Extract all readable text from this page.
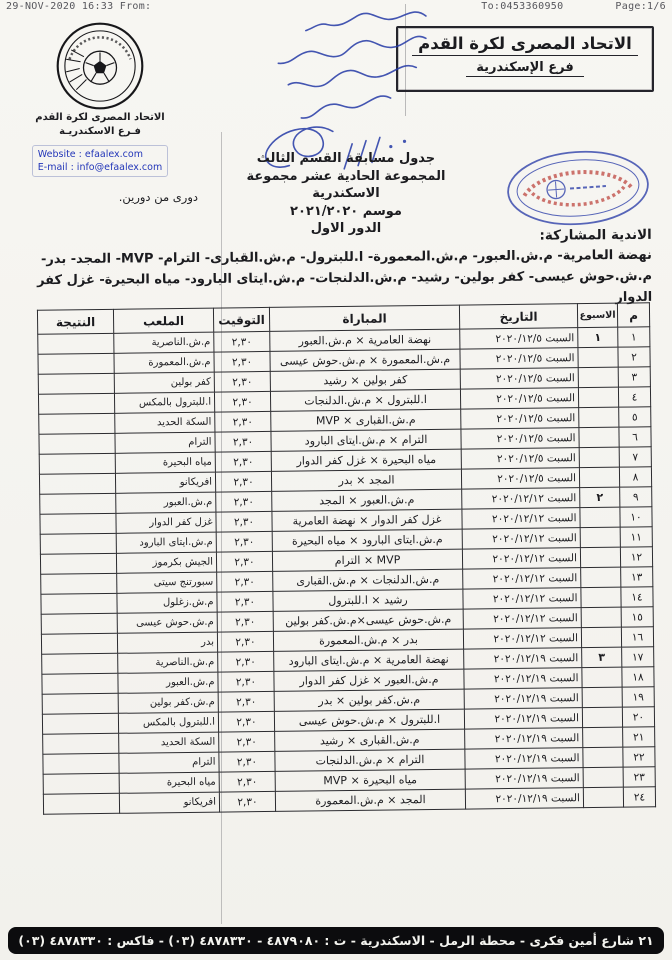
29-NOV-2020 16:33 From:	To:0453360950	Page:1/6
الاتحاد المصرى لكرة القدم
فـرع الاسكندريـة
Website : efaalex.com
E-mail : info@efaalex.com
دورى من دورين.
الاتحاد المصرى لكرة القدم
فرع الإسكندرية
جدول مسابقة القسم الثالث
المجموعة الحادية عشر مجموعة الاسكندرية
موسم ٢٠٢١/٢٠٢٠
الدور الاول	الاندية المشاركة:
نهضة العامرية- م.ش.العبور- م.ش.المعمورة- ا.للبترول- م.ش.القبارى- الترام- MVP- المجد- بدر-
م.ش.حوش عيسى- كفر بولين- رشيد- م.ش.الدلنجات- م.ش.ايتاى البارود- مياه البحيرة- غزل كفر الدوار
م	الاسبوع	التاريخ	المباراة	التوقيت	الملعب	النتيجة
١	١	السبت ٢٠٢٠/١٢/٥	نهضة العامرية × م.ش.العبور	٢,٣٠	م.ش.الناصرية	
٢		السبت ٢٠٢٠/١٢/٥	م.ش.المعمورة × م.ش.حوش عيسى	٢,٣٠	م.ش.المعمورة	
٣		السبت ٢٠٢٠/١٢/٥	كفر بولين × رشيد	٢,٣٠	كفر بولين	
٤		السبت ٢٠٢٠/١٢/٥	ا.للبترول × م.ش.الدلنجات	٢,٣٠	ا.للبترول بالمكس	
٥		السبت ٢٠٢٠/١٢/٥	م.ش.القبارى × MVP	٢,٣٠	السكة الحديد	
٦		السبت ٢٠٢٠/١٢/٥	الترام × م.ش.ايتاى البارود	٢,٣٠	الترام	
٧		السبت ٢٠٢٠/١٢/٥	مياه البحيرة × غزل كفر الدوار	٢,٣٠	مياه البحيرة	
٨		السبت ٢٠٢٠/١٢/٥	المجد × بدر	٢,٣٠	افريكانو	
٩	٢	السبت ٢٠٢٠/١٢/١٢	م.ش.العبور × المجد	٢,٣٠	م.ش.العبور	
١٠		السبت ٢٠٢٠/١٢/١٢	غزل كفر الدوار × نهضة العامرية	٢,٣٠	غزل كفر الدوار	
١١		السبت ٢٠٢٠/١٢/١٢	م.ش.ايتاى البارود × مياه البحيرة	٢,٣٠	م.ش.ايتاى البارود	
١٢		السبت ٢٠٢٠/١٢/١٢	MVP × الترام	٢,٣٠	الجيش بكرموز	
١٣		السبت ٢٠٢٠/١٢/١٢	م.ش.الدلنجات × م.ش.القبارى	٢,٣٠	سبورتنج سيتى	
١٤		السبت ٢٠٢٠/١٢/١٢	رشيد × ا.للبترول	٢,٣٠	م.ش.زغلول	
١٥		السبت ٢٠٢٠/١٢/١٢	م.ش.حوش عيسى×م.ش.كفر بولين	٢,٣٠	م.ش.حوش عيسى	
١٦		السبت ٢٠٢٠/١٢/١٢	بدر × م.ش.المعمورة	٢,٣٠	بدر	
١٧	٣	السبت ٢٠٢٠/١٢/١٩	نهضة العامرية × م.ش.ايتاى البارود	٢,٣٠	م.ش.الناصرية	
١٨		السبت ٢٠٢٠/١٢/١٩	م.ش.العبور × غزل كفر الدوار	٢,٣٠	م.ش.العبور	
١٩		السبت ٢٠٢٠/١٢/١٩	م.ش.كفر بولين × بدر	٢,٣٠	م.ش.كفر بولين	
٢٠		السبت ٢٠٢٠/١٢/١٩	ا.للبترول × م.ش.حوش عيسى	٢,٣٠	ا.للبترول بالمكس	
٢١		السبت ٢٠٢٠/١٢/١٩	م.ش.القبارى × رشيد	٢,٣٠	السكة الحديد	
٢٢		السبت ٢٠٢٠/١٢/١٩	الترام × م.ش.الدلنجات	٢,٣٠	الترام	
٢٣		السبت ٢٠٢٠/١٢/١٩	مياه البحيرة × MVP	٢,٣٠	مياه البحيرة	
٢٤		السبت ٢٠٢٠/١٢/١٩	المجد × م.ش.المعمورة	٢,٣٠	افريكانو	
٢١ شارع أمين فكرى - محطة الرمل - الاسكندرية - ت : ٤٨٧٩٠٨٠ - ٤٨٧٨٣٣٠ (٠٣) - فاكس : ٤٨٧٨٣٣٠ (٠٣)
